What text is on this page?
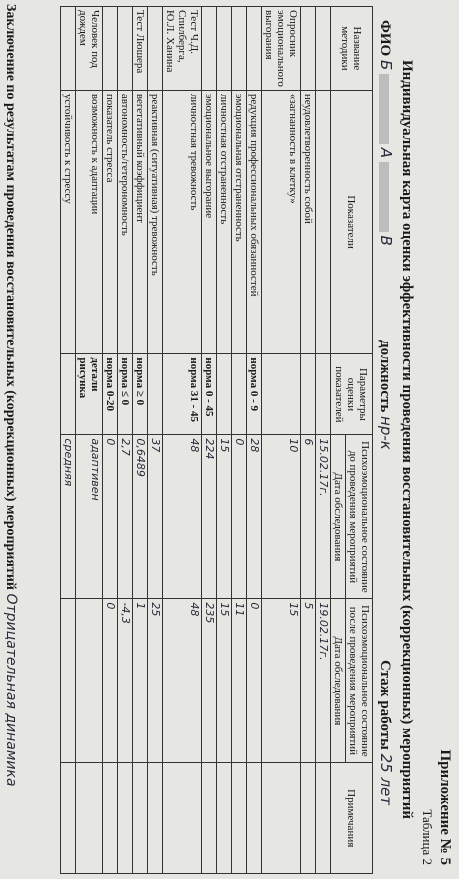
Приложение № 5
Таблица 2
Индивидуальная карта оценки эффективности проведения восстановительных (коррекционных) мероприятий
ФИО Б  А  В
должность нр-к
Стаж работы 25 лет
Название методики	Показатели	Параметры оценки показателей	Психоэмоциональное состояние до проведения мероприятий	Психоэмоциональное состояние после проведения мероприятий	Примечания
			Дата обследования	Дата обследования	
			15.02.17г.	19.02.17г.	
	неудовлетворенность собой		6	5	
Опросник эмоционального выгорания	«загнанность в клетку»		10	15	
	редукция профессиональных обязанностей	норма 0 - 9	28	0	
	эмоциональная отстраненность		0	11	
	личностная отстраненность		15	15	
	эмоциональное выгорание	норма 0 - 45	224	235	
Тест Ч.Д. Спилберга, Ю.Л. Ханина	личностная тревожность	норма 31 - 45	48	48	
	реактивная (ситуативная) тревожность		37	25	
Тест Люшера	вегетативный коэффициент	норма ≥ 0	0,6489	1	
	автономность/гетерономность	норма ≤ 0	2,7	-4,3	
	показатель стресса	норма 0-20	0	0	
Человек под дождем	возможность к адаптации	детали рисунка	адаптивен		
	устойчивость к стрессу		средняя		
Заключение по результатам проведения восстановительных (коррекционных) мероприятий Отрицательная динамика
